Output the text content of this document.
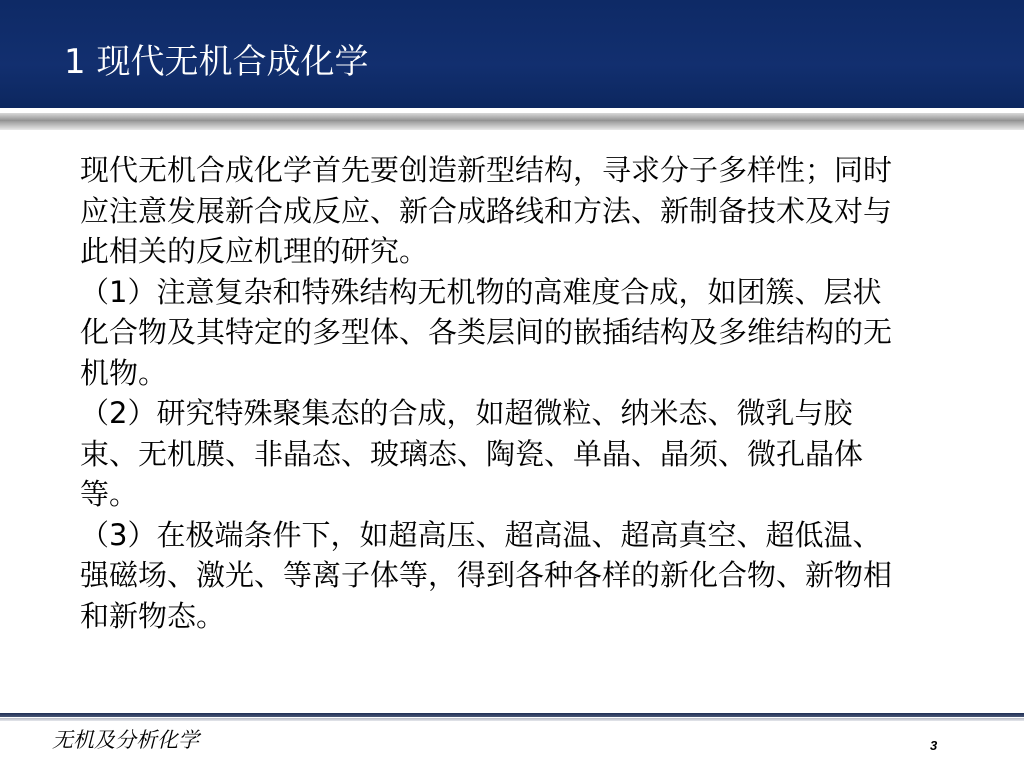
1 现代无机合成化学

现代无机合成化学首先要创造新型结构，寻求分子多样性；同时应注意发展新合成反应、新合成路线和方法、新制备技术及对与此相关的反应机理的研究。

（1）注意复杂和特殊结构无机物的高难度合成，如团簇、层状化合物及其特定的多型体、各类层间的嵌插结构及多维结构的无机物。

（2）研究特殊聚集态的合成，如超微粒、纳米态、微乳与胶束、无机膜、非晶态、玻璃态、陶瓷、单晶、晶须、微孔晶体等。

（3）在极端条件下，如超高压、超高温、超高真空、超低温、强磁场、激光、等离子体等，得到各种各样的新化合物、新物相和新物态。

无机及分析化学	3
